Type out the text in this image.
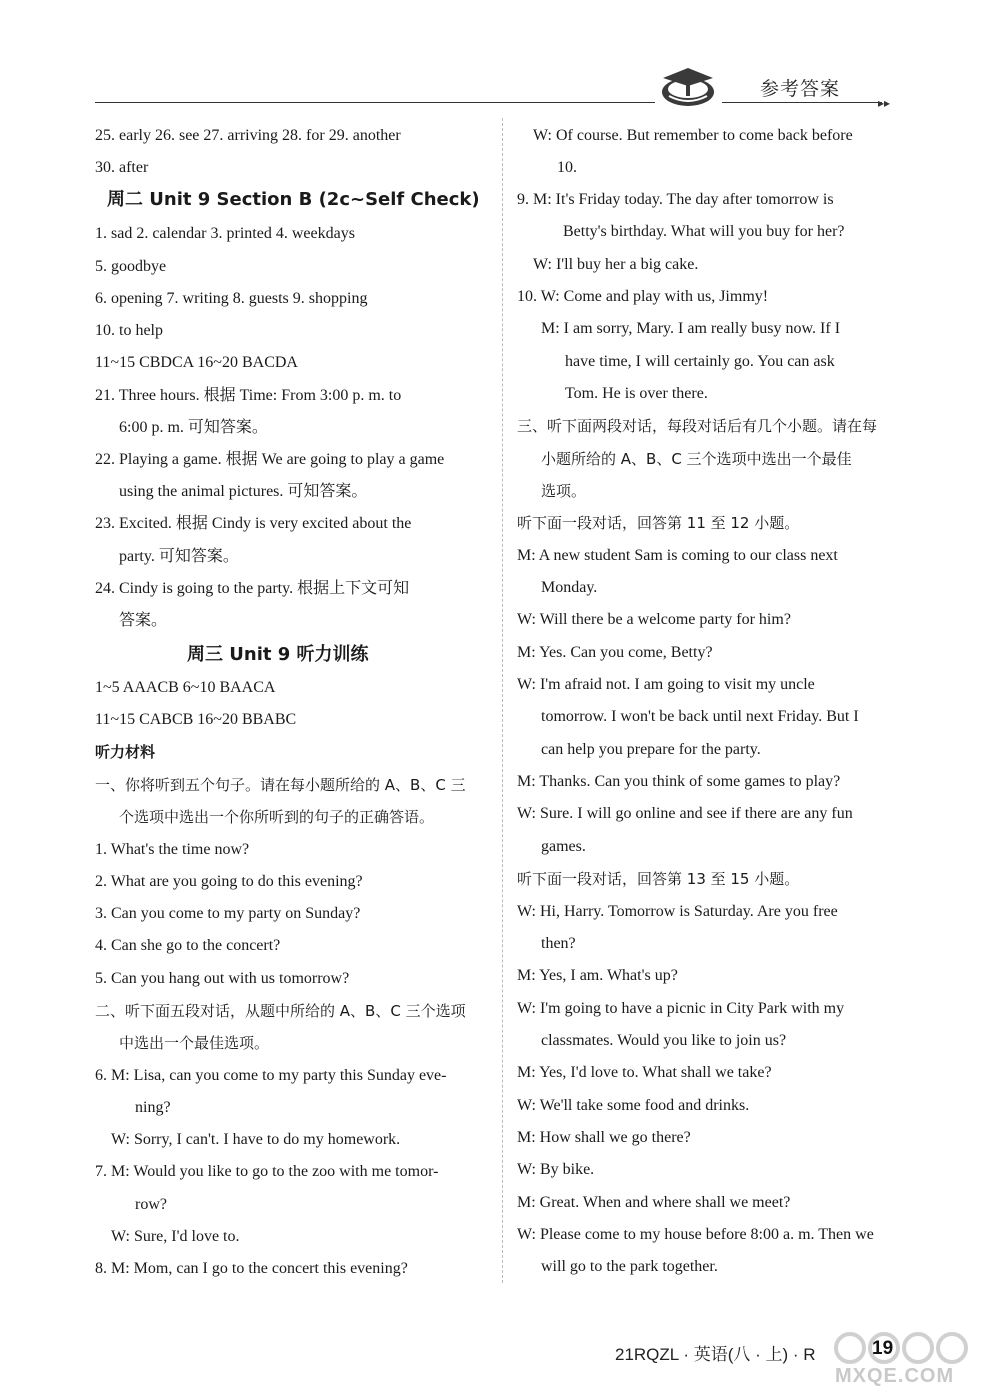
参考答案
▸▸
25. early 26. see 27. arriving 28. for 29. another
30. after
周二 Unit 9 Section B (2c~Self Check)
1. sad 2. calendar 3. printed 4. weekdays
5. goodbye
6. opening 7. writing 8. guests 9. shopping
10. to help
11~15 CBDCA 16~20 BACDA
21. Three hours. 根据 Time: From 3:00 p. m. to
6:00 p. m. 可知答案。
22. Playing a game. 根据 We are going to play a game
using the animal pictures. 可知答案。
23. Excited. 根据 Cindy is very excited about the
party. 可知答案。
24. Cindy is going to the party. 根据上下文可知
答案。
周三 Unit 9 听力训练
1~5 AAACB 6~10 BAACA
11~15 CABCB 16~20 BBABC
听力材料
一、你将听到五个句子。请在每小题所给的 A、B、C 三
个选项中选出一个你所听到的句子的正确答语。
1. What's the time now?
2. What are you going to do this evening?
3. Can you come to my party on Sunday?
4. Can she go to the concert?
5. Can you hang out with us tomorrow?
二、听下面五段对话，从题中所给的 A、B、C 三个选项
中选出一个最佳选项。
6. M: Lisa, can you come to my party this Sunday eve-
ning?
W: Sorry, I can't. I have to do my homework.
7. M: Would you like to go to the zoo with me tomor-
row?
W: Sure, I'd love to.
8. M: Mom, can I go to the concert this evening?
W: Of course. But remember to come back before
10.
9. M: It's Friday today. The day after tomorrow is
Betty's birthday. What will you buy for her?
W: I'll buy her a big cake.
10. W: Come and play with us, Jimmy!
M: I am sorry, Mary. I am really busy now. If I
have time, I will certainly go. You can ask
Tom. He is over there.
三、听下面两段对话，每段对话后有几个小题。请在每
小题所给的 A、B、C 三个选项中选出一个最佳
选项。
听下面一段对话，回答第 11 至 12 小题。
M: A new student Sam is coming to our class next
Monday.
W: Will there be a welcome party for him?
M: Yes. Can you come, Betty?
W: I'm afraid not. I am going to visit my uncle
tomorrow. I won't be back until next Friday. But I
can help you prepare for the party.
M: Thanks. Can you think of some games to play?
W: Sure. I will go online and see if there are any fun
games.
听下面一段对话，回答第 13 至 15 小题。
W: Hi, Harry. Tomorrow is Saturday. Are you free
then?
M: Yes, I am. What's up?
W: I'm going to have a picnic in City Park with my
classmates. Would you like to join us?
M: Yes, I'd love to. What shall we take?
W: We'll take some food and drinks.
M: How shall we go there?
W: By bike.
M: Great. When and where shall we meet?
W: Please come to my house before 8:00 a. m. Then we
will go to the park together.
21RQZL · 英语(八 · 上) · R	19
MXQE.COM
